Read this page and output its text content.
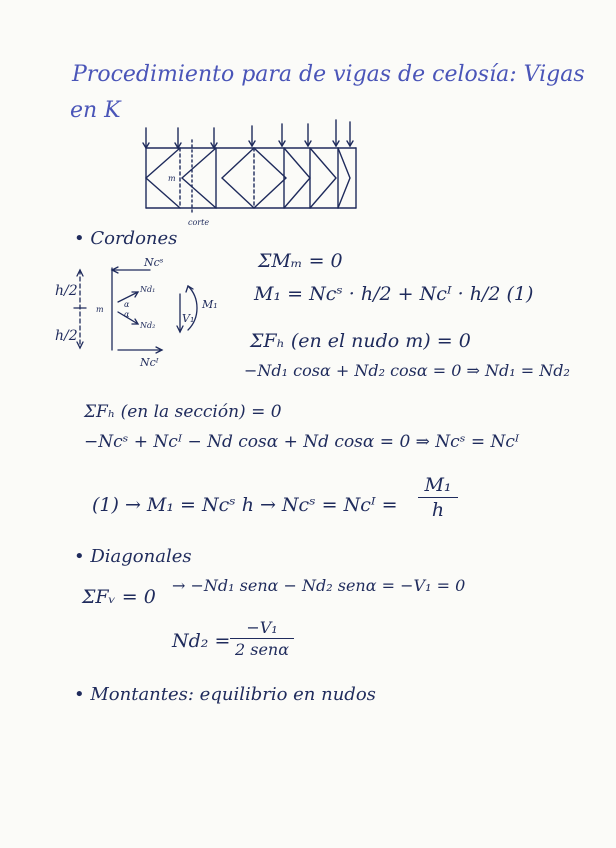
Procedimiento para de vigas de celosía: Vigas
en K
m
corte
• Cordones
h/2
h/2
Ncˢ
Nd₁
α
m
α
Nd₂
V₁
M₁
Ncᴵ
ΣMₘ = 0
M₁ = Ncˢ · h/2 + Ncᴵ · h/2 (1)
ΣFₕ (en el nudo m) = 0
−Nd₁ cosα + Nd₂ cosα = 0 ⇒ Nd₁ = Nd₂
ΣFₕ (en la sección) = 0
−Ncˢ + Ncᴵ − Nd cosα + Nd cosα = 0 ⇒ Ncˢ = Ncᴵ
(1) → M₁ = Ncˢ h → Ncˢ = Ncᴵ =
M₁
h
• Diagonales
ΣFᵥ = 0
→ −Nd₁ senα − Nd₂ senα = −V₁ = 0
Nd₂ =
−V₁
2 senα
• Montantes: equilibrio en nudos
